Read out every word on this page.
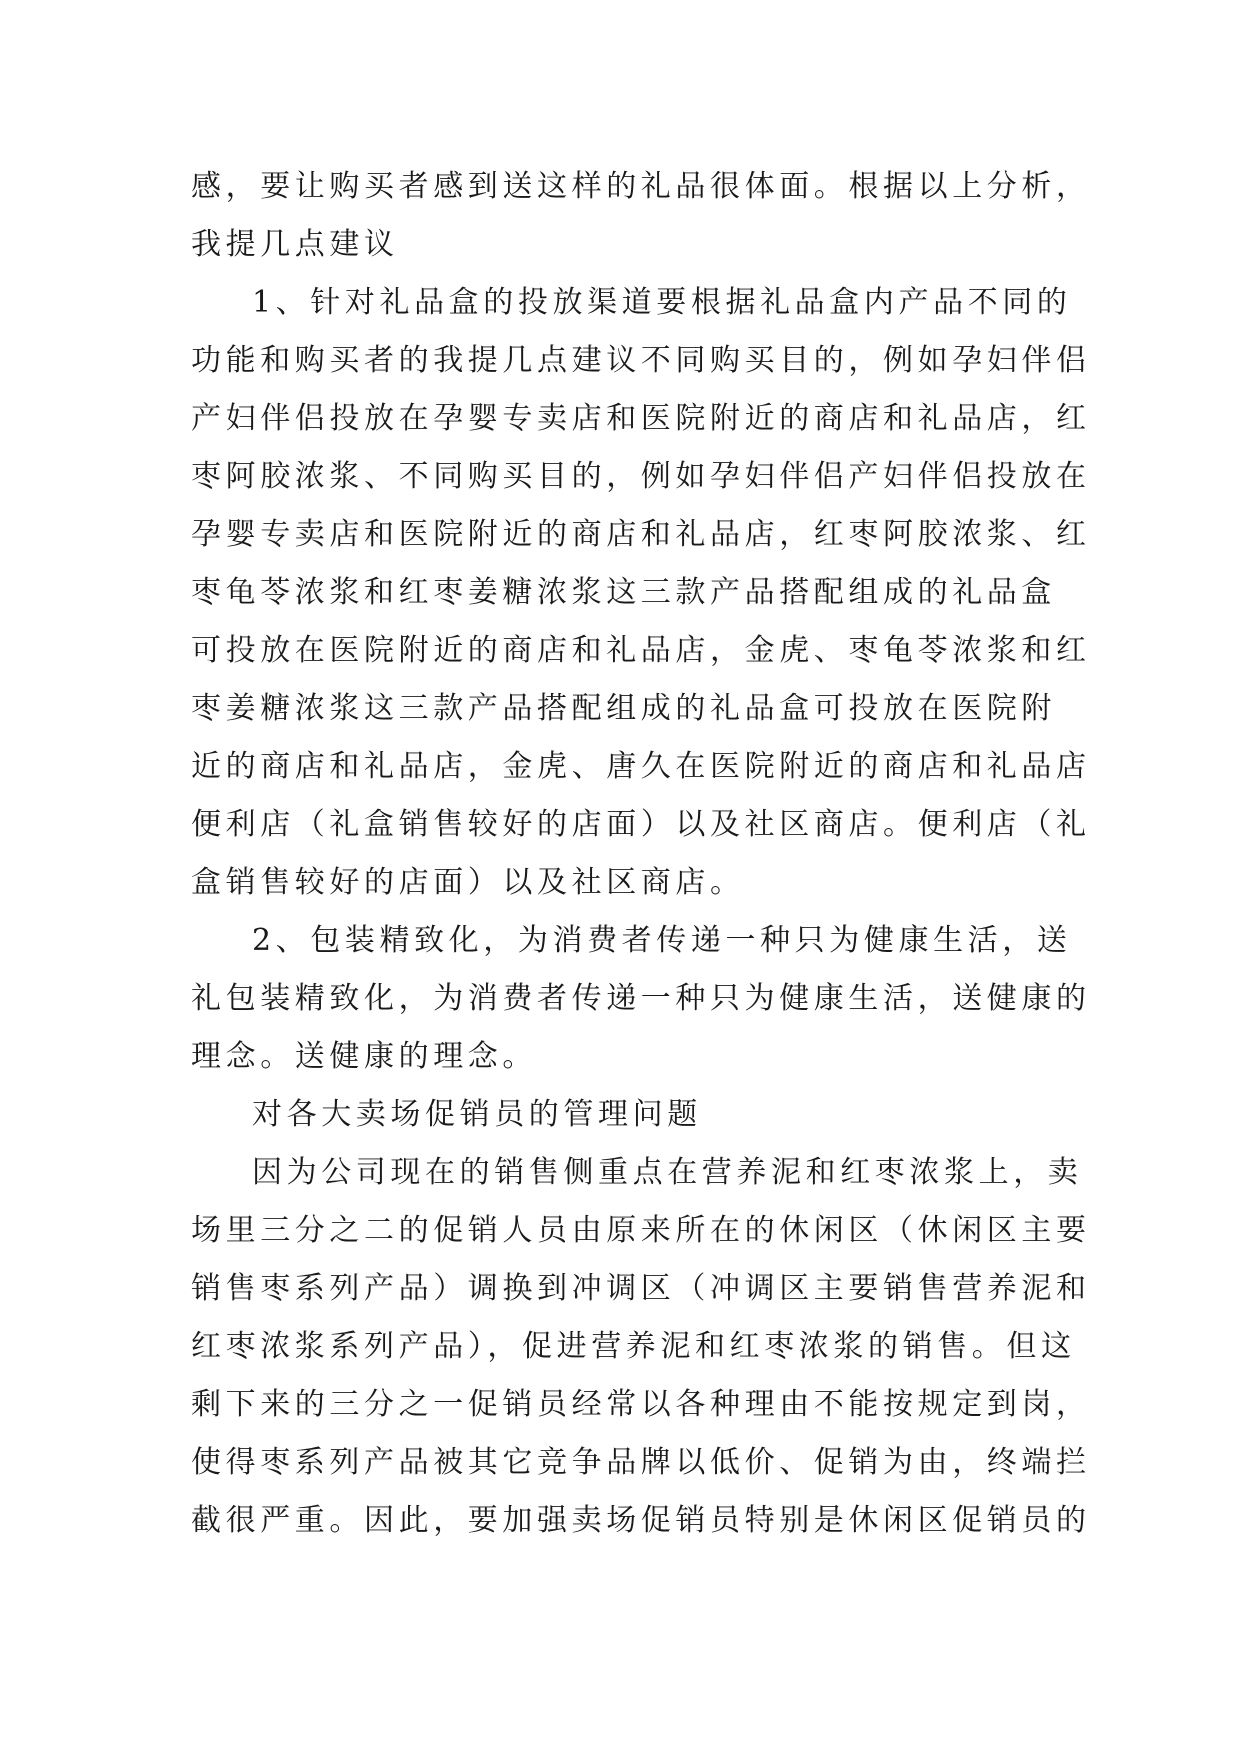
感，要让购买者感到送这样的礼品很体面。根据以上分析，
我提几点建议
1、针对礼品盒的投放渠道要根据礼品盒内产品不同的
功能和购买者的我提几点建议不同购买目的，例如孕妇伴侣
产妇伴侣投放在孕婴专卖店和医院附近的商店和礼品店，红
枣阿胶浓浆、不同购买目的，例如孕妇伴侣产妇伴侣投放在
孕婴专卖店和医院附近的商店和礼品店，红枣阿胶浓浆、红
枣龟苓浓浆和红枣姜糖浓浆这三款产品搭配组成的礼品盒
可投放在医院附近的商店和礼品店，金虎、枣龟苓浓浆和红
枣姜糖浓浆这三款产品搭配组成的礼品盒可投放在医院附
近的商店和礼品店，金虎、唐久在医院附近的商店和礼品店
便利店（礼盒销售较好的店面）以及社区商店。便利店（礼
盒销售较好的店面）以及社区商店。
2、包装精致化，为消费者传递一种只为健康生活，送
礼包装精致化，为消费者传递一种只为健康生活，送健康的
理念。送健康的理念。
对各大卖场促销员的管理问题
因为公司现在的销售侧重点在营养泥和红枣浓浆上，卖
场里三分之二的促销人员由原来所在的休闲区（休闲区主要
销售枣系列产品）调换到冲调区（冲调区主要销售营养泥和
红枣浓浆系列产品），促进营养泥和红枣浓浆的销售。但这
剩下来的三分之一促销员经常以各种理由不能按规定到岗，
使得枣系列产品被其它竞争品牌以低价、促销为由，终端拦
截很严重。因此，要加强卖场促销员特别是休闲区促销员的
